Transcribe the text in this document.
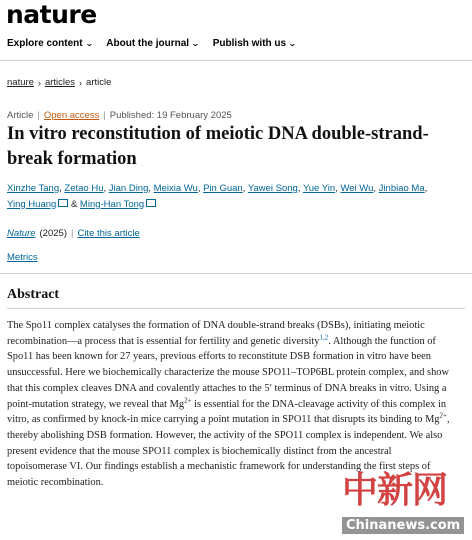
nature
Explore content ⌄ About the journal ⌄ Publish with us ⌄
nature › articles › article
Article | Open access | Published: 19 February 2025
In vitro reconstitution of meiotic DNA double-strand-break formation
Xinzhe Tang, Zetao Hu, Jian Ding, Meixia Wu, Pin Guan, Yawei Song, Yue Yin, Wei Wu, Jinbiao Ma, Ying Huang & Ming-Han Tong
Nature (2025) | Cite this article
Metrics
Abstract

The Spo11 complex catalyses the formation of DNA double-strand breaks (DSBs), initiating meiotic recombination—a process that is essential for fertility and genetic diversity$^{1,2}$. Although the function of Spo11 has been known for 27 years, previous efforts to reconstitute DSB formation in vitro have been unsuccessful. Here we biochemically characterize the mouse SPO11–TOP6BL protein complex, and show that this complex cleaves DNA and covalently attaches to the 5′ terminus of DNA breaks in vitro. Using a point-mutation strategy, we reveal that $Mg^{2+}$ is essential for the DNA-cleavage activity of this complex in vitro, as confirmed by knock-in mice carrying a point mutation in SPO11 that disrupts its binding to $Mg^{2+}$, thereby abolishing DSB formation. However, the activity of the SPO11 complex is independent. We also present evidence that the mouse SPO11 complex is biochemically distinct from the ancestral topoisomerase VI. Our findings establish a mechanistic framework for understanding the first steps of meiotic recombination.	中新网
Chinanews.com
